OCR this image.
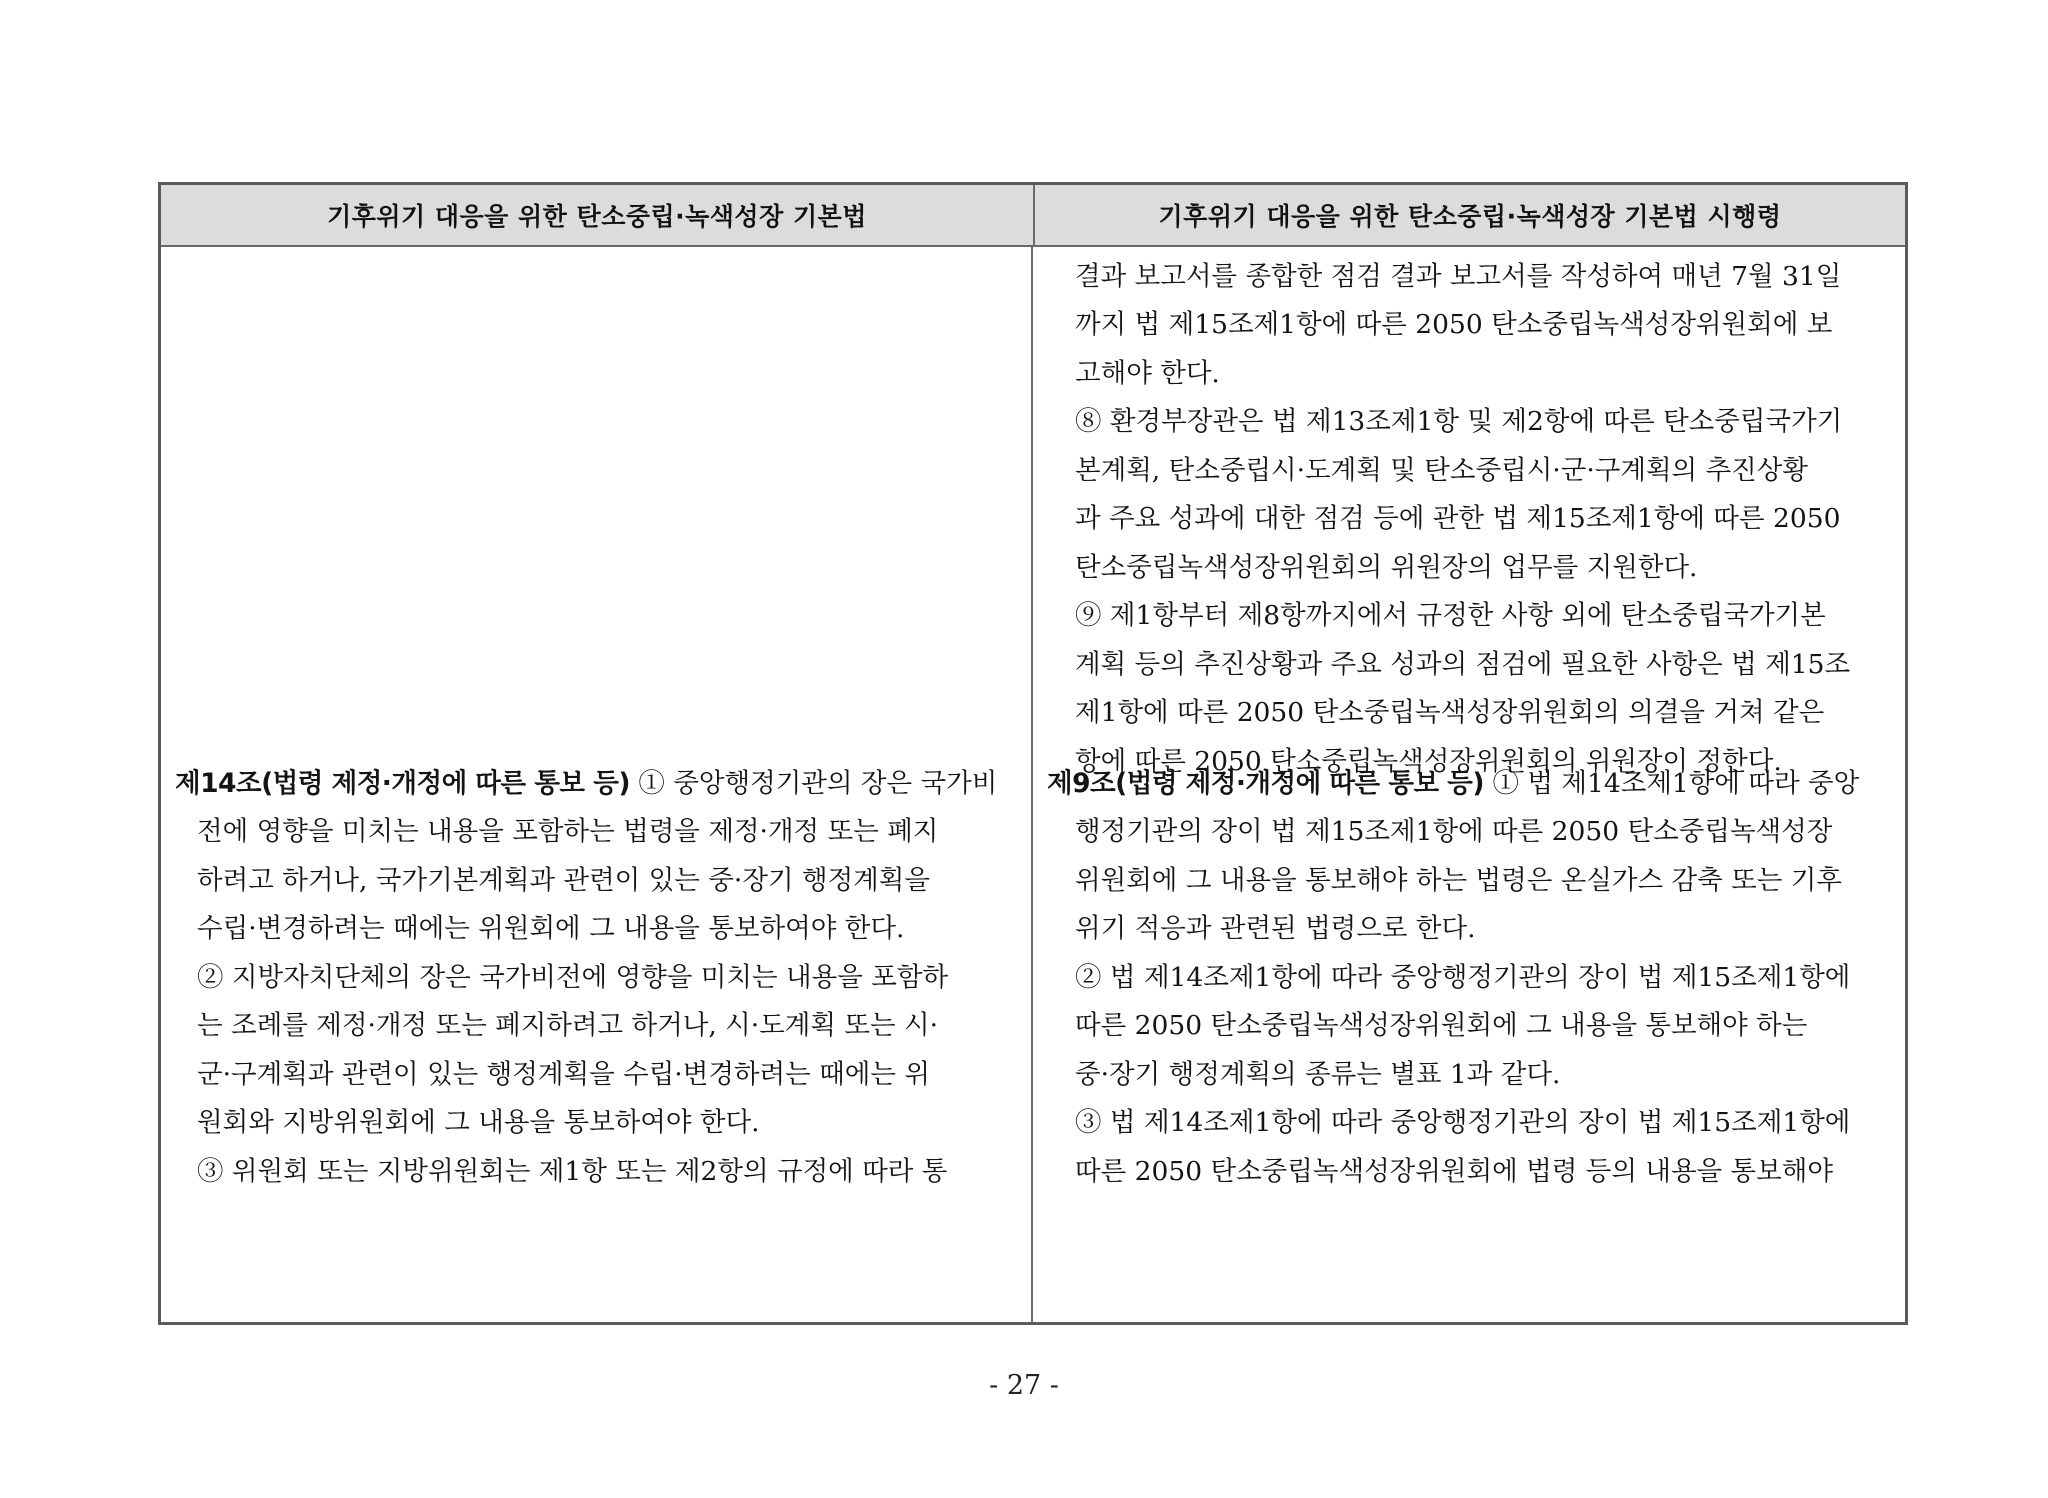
기후위기 대응을 위한 탄소중립·녹색성장 기본법	기후위기 대응을 위한 탄소중립·녹색성장 기본법 시행령
제14조(법령 제정·개정에 따른 통보 등) ① 중앙행정기관의 장은 국가비
전에 영향을 미치는 내용을 포함하는 법령을 제정·개정 또는 폐지
하려고 하거나, 국가기본계획과 관련이 있는 중·장기 행정계획을
수립·변경하려는 때에는 위원회에 그 내용을 통보하여야 한다.
② 지방자치단체의 장은 국가비전에 영향을 미치는 내용을 포함하
는 조례를 제정·개정 또는 폐지하려고 하거나, 시·도계획 또는 시·
군·구계획과 관련이 있는 행정계획을 수립·변경하려는 때에는 위
원회와 지방위원회에 그 내용을 통보하여야 한다.
③ 위원회 또는 지방위원회는 제1항 또는 제2항의 규정에 따라 통
결과 보고서를 종합한 점검 결과 보고서를 작성하여 매년 7월 31일
까지 법 제15조제1항에 따른 2050 탄소중립녹색성장위원회에 보
고해야 한다.
⑧ 환경부장관은 법 제13조제1항 및 제2항에 따른 탄소중립국가기
본계획, 탄소중립시·도계획 및 탄소중립시·군·구계획의 추진상황
과 주요 성과에 대한 점검 등에 관한 법 제15조제1항에 따른 2050
탄소중립녹색성장위원회의 위원장의 업무를 지원한다.
⑨ 제1항부터 제8항까지에서 규정한 사항 외에 탄소중립국가기본
계획 등의 추진상황과 주요 성과의 점검에 필요한 사항은 법 제15조
제1항에 따른 2050 탄소중립녹색성장위원회의 의결을 거쳐 같은
항에 따른 2050 탄소중립녹색성장위원회의 위원장이 정한다.
제9조(법령 제정·개정에 따른 통보 등) ① 법 제14조제1항에 따라 중앙
행정기관의 장이 법 제15조제1항에 따른 2050 탄소중립녹색성장
위원회에 그 내용을 통보해야 하는 법령은 온실가스 감축 또는 기후
위기 적응과 관련된 법령으로 한다.
② 법 제14조제1항에 따라 중앙행정기관의 장이 법 제15조제1항에
따른 2050 탄소중립녹색성장위원회에 그 내용을 통보해야 하는
중·장기 행정계획의 종류는 별표 1과 같다.
③ 법 제14조제1항에 따라 중앙행정기관의 장이 법 제15조제1항에
따른 2050 탄소중립녹색성장위원회에 법령 등의 내용을 통보해야
- 27 -
